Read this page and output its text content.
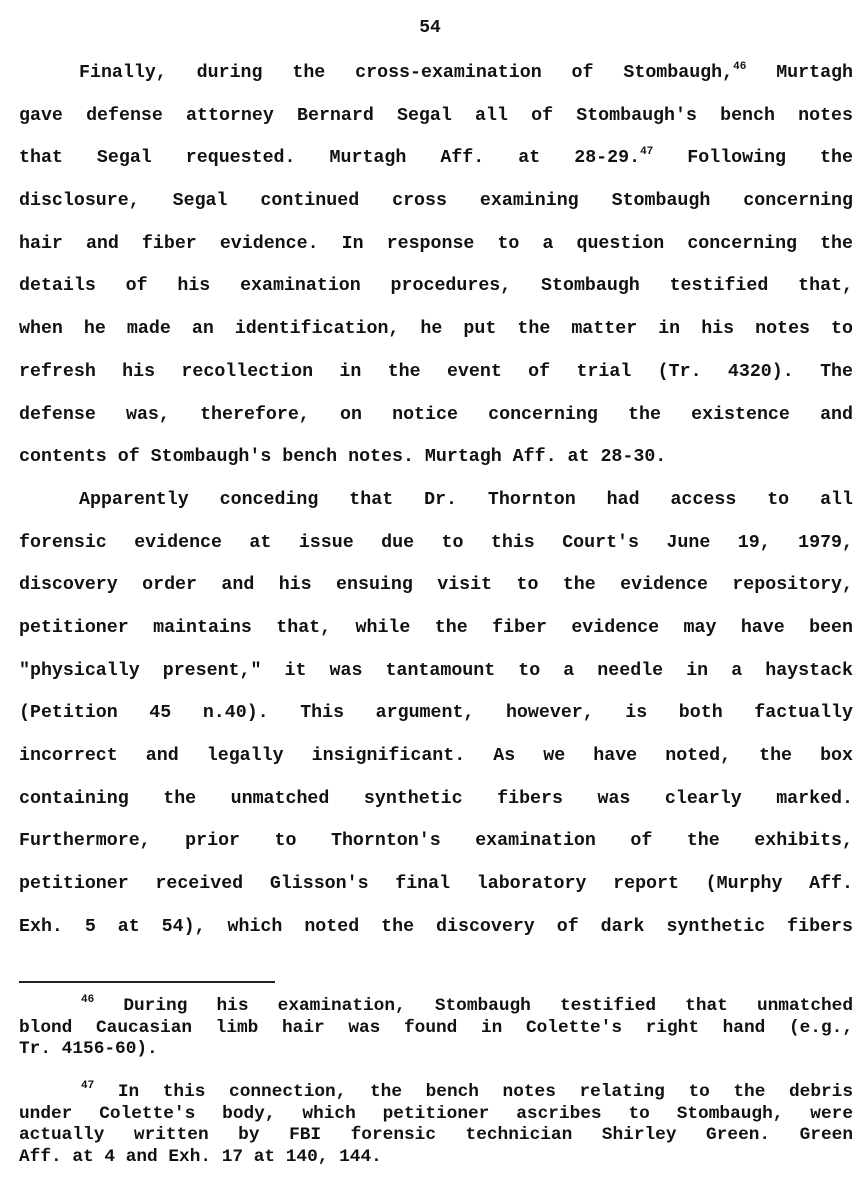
54
Finally, during the cross-examination of Stombaugh,$^{46}$ Murtagh
gave defense attorney Bernard Segal all of Stombaugh's bench notes
that Segal requested. Murtagh Aff. at 28-29.47 Following the
disclosure, Segal continued cross examining Stombaugh concerning
hair and fiber evidence. In response to a question concerning the
details of his examination procedures, Stombaugh testified that,
when he made an identification, he put the matter in his notes to
refresh his recollection in the event of trial (Tr. 4320). The
defense was, therefore, on notice concerning the existence and
contents of Stombaugh's bench notes. Murtagh Aff. at 28-30.
Apparently conceding that Dr. Thornton had access to all
forensic evidence at issue due to this Court's June 19, 1979,
discovery order and his ensuing visit to the evidence repository,
petitioner maintains that, while the fiber evidence may have been
"physically present," it was tantamount to a needle in a haystack
(Petition 45 n.40). This argument, however, is both factually
incorrect and legally insignificant. As we have noted, the box
containing the unmatched synthetic fibers was clearly marked.
Furthermore, prior to Thornton's examination of the exhibits,
petitioner received Glisson's final laboratory report (Murphy Aff.
Exh. 5 at 54), which noted the discovery of dark synthetic fibers
$^{46}$ During his examination, Stombaugh testified that unmatched
blond Caucasian limb hair was found in Colette's right hand (e.g.,
Tr. 4156-60).
$^{47}$ In this connection, the bench notes relating to the debris
under Colette's body, which petitioner ascribes to Stombaugh, were
actually written by FBI forensic technician Shirley Green. Green
Aff. at 4 and Exh. 17 at 140, 144.
